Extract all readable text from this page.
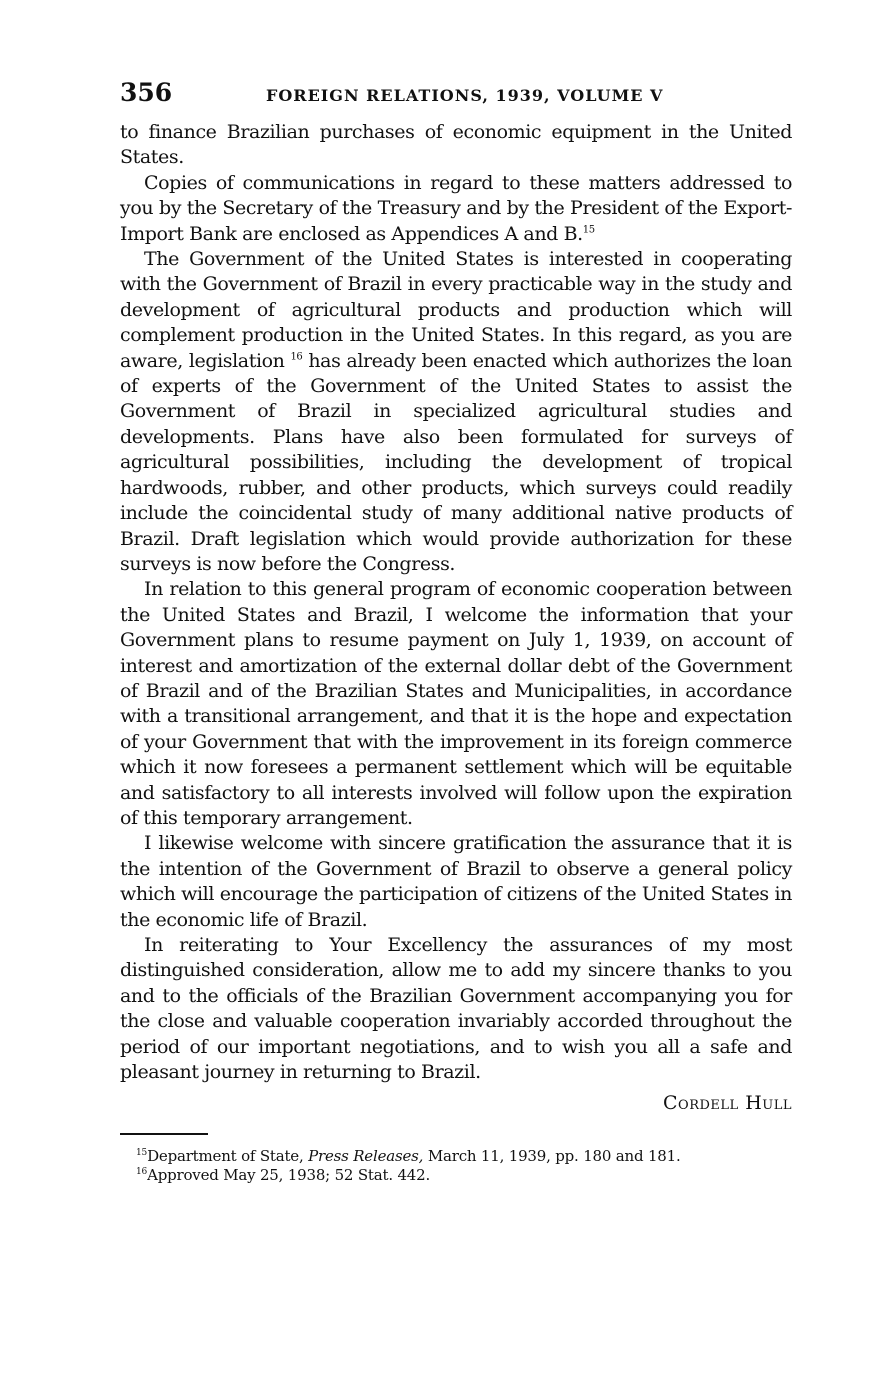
356	FOREIGN RELATIONS, 1939, VOLUME V

to finance Brazilian purchases of economic equipment in the United States.

Copies of communications in regard to these matters addressed to you by the Secretary of the Treasury and by the President of the Export-Import Bank are enclosed as Appendices A and B.$^{15}$

The Government of the United States is interested in cooperating with the Government of Brazil in every practicable way in the study and development of agricultural products and production which will complement production in the United States. In this regard, as you are aware, legislation $^{16}$ has already been enacted which authorizes the loan of experts of the Government of the United States to assist the Government of Brazil in specialized agricultural studies and developments. Plans have also been formulated for surveys of agricultural possibilities, including the development of tropical hardwoods, rubber, and other products, which surveys could readily include the coincidental study of many additional native products of Brazil. Draft legislation which would provide authorization for these surveys is now before the Congress.

In relation to this general program of economic cooperation between the United States and Brazil, I welcome the information that your Government plans to resume payment on July 1, 1939, on account of interest and amortization of the external dollar debt of the Government of Brazil and of the Brazilian States and Municipalities, in accordance with a transitional arrangement, and that it is the hope and expectation of your Government that with the improvement in its foreign commerce which it now foresees a permanent settlement which will be equitable and satisfactory to all interests involved will follow upon the expiration of this temporary arrangement.

I likewise welcome with sincere gratification the assurance that it is the intention of the Government of Brazil to observe a general policy which will encourage the participation of citizens of the United States in the economic life of Brazil.

In reiterating to Your Excellency the assurances of my most distinguished consideration, allow me to add my sincere thanks to you and to the officials of the Brazilian Government accompanying you for the close and valuable cooperation invariably accorded throughout the period of our important negotiations, and to wish you all a safe and pleasant journey in returning to Brazil.

Cordell Hull
$^{15}$Department of State, Press Releases, March 11, 1939, pp. 180 and 181.
$^{16}$Approved May 25, 1938; 52 Stat. 442.
